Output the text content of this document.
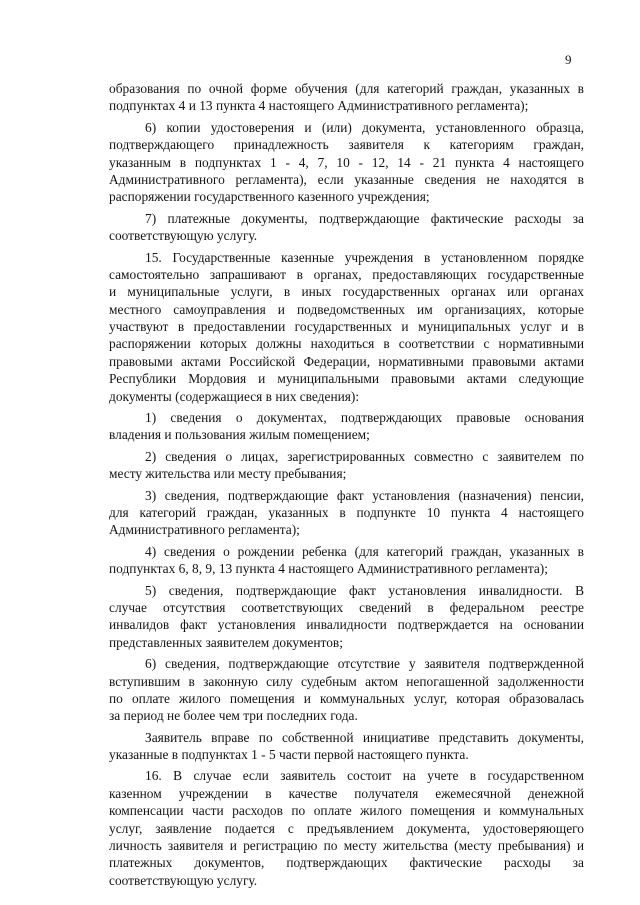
9
образования по очной форме обучения (для категорий граждан, указанных в
подпунктах 4 и 13 пункта 4 настоящего Административного регламента);
6) копии удостоверения и (или) документа, установленного образца,
подтверждающего принадлежность заявителя к категориям граждан,
указанным в подпунктах 1 - 4, 7, 10 - 12, 14 - 21 пункта 4 настоящего
Административного регламента), если указанные сведения не находятся в
распоряжении государственного казенного учреждения;
7) платежные документы, подтверждающие фактические расходы за
соответствующую услугу.
15. Государственные казенные учреждения в установленном порядке
самостоятельно запрашивают в органах, предоставляющих государственные
и муниципальные услуги, в иных государственных органах или органах
местного самоуправления и подведомственных им организациях, которые
участвуют в предоставлении государственных и муниципальных услуг и в
распоряжении которых должны находиться в соответствии с нормативными
правовыми актами Российской Федерации, нормативными правовыми актами
Республики Мордовия и муниципальными правовыми актами следующие
документы (содержащиеся в них сведения):
1) сведения о документах, подтверждающих правовые основания
владения и пользования жилым помещением;
2) сведения о лицах, зарегистрированных совместно с заявителем по
месту жительства или месту пребывания;
3) сведения, подтверждающие факт установления (назначения) пенсии,
для категорий граждан, указанных в подпункте 10 пункта 4 настоящего
Административного регламента);
4) сведения о рождении ребенка (для категорий граждан, указанных в
подпунктах 6, 8, 9, 13 пункта 4 настоящего Административного регламента);
5) сведения, подтверждающие факт установления инвалидности. В
случае отсутствия соответствующих сведений в федеральном реестре
инвалидов факт установления инвалидности подтверждается на основании
представленных заявителем документов;
6) сведения, подтверждающие отсутствие у заявителя подтвержденной
вступившим в законную силу судебным актом непогашенной задолженности
по оплате жилого помещения и коммунальных услуг, которая образовалась
за период не более чем три последних года.
Заявитель вправе по собственной инициативе представить документы,
указанные в подпунктах 1 - 5 части первой настоящего пункта.
16. В случае если заявитель состоит на учете в государственном
казенном учреждении в качестве получателя ежемесячной денежной
компенсации части расходов по оплате жилого помещения и коммунальных
услуг, заявление подается с предъявлением документа, удостоверяющего
личность заявителя и регистрацию по месту жительства (месту пребывания) и
платежных документов, подтверждающих фактические расходы за
соответствующую услугу.
